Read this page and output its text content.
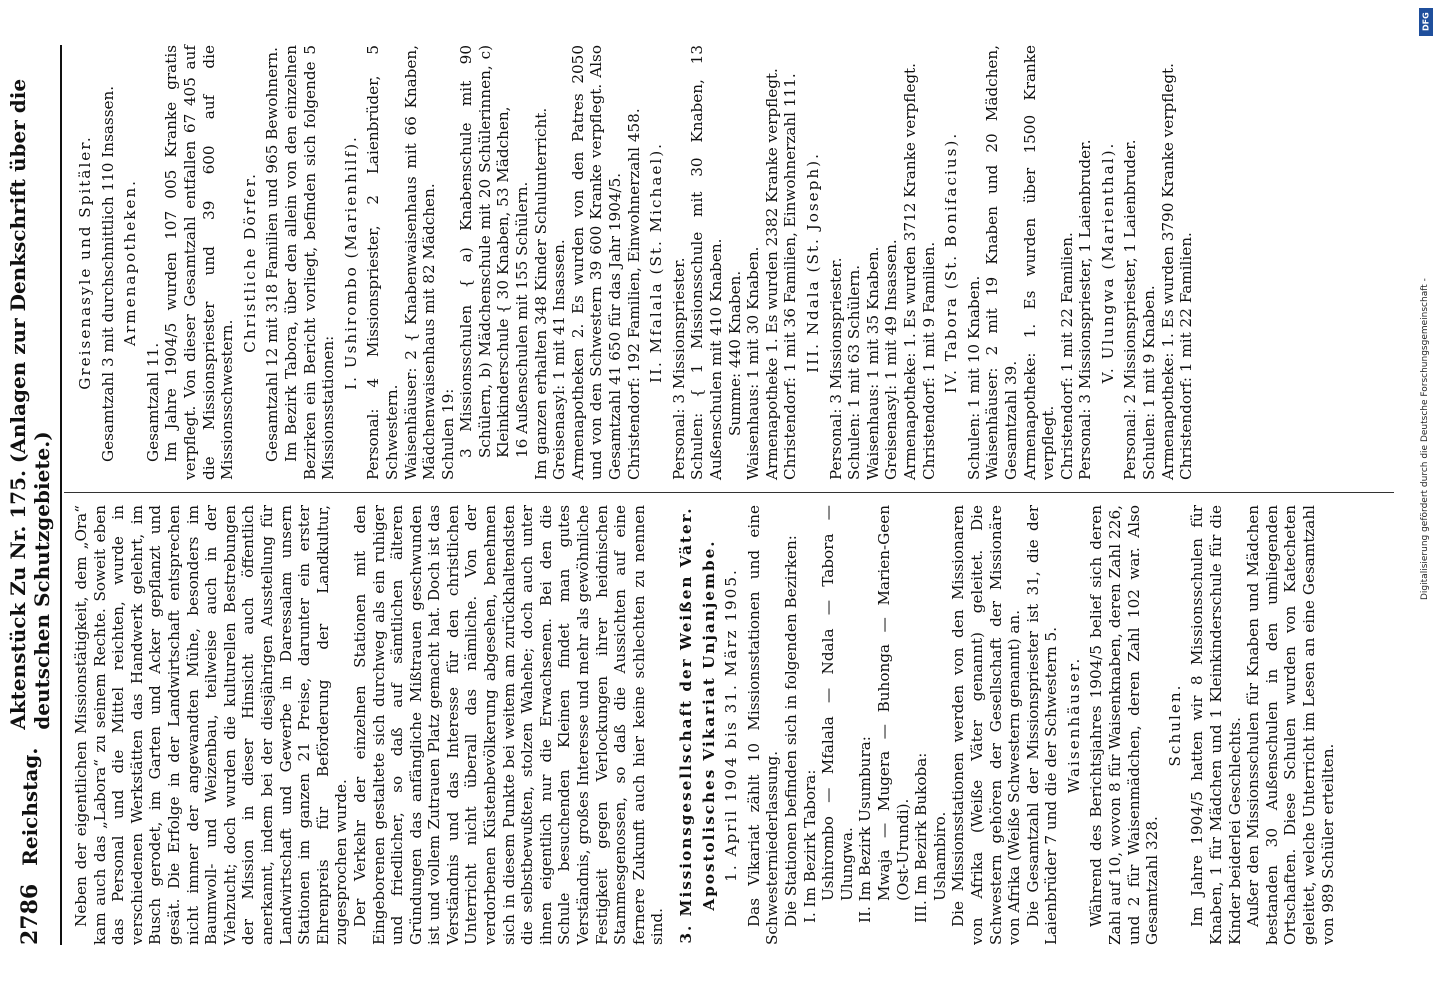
2786
Reichstag.
Aktenstück Zu Nr. 175. (Anlagen zur Denkschrift über die deutschen Schutzgebiete.) Neben der eigentlichen Missionstätigkeit, dem „Ora“ kam auch das „Labora“ zu seinem Rechte. Soweit eben das Personal und die Mittel reichten, wurde in verschiedenen Werkstätten das Handwerk gelehrt, im Busch gerodet, im Garten und Acker gepflanzt und gesät. Die Erfolge in der Landwirtschaft entsprechen nicht immer der angewandten Mühe, besonders im Baumwoll- und Weizenbau, teilweise auch in der Viehzucht; doch wurden die kulturellen Bestrebungen der Mission in dieser Hinsicht auch öffentlich anerkannt, indem bei der diesjährigen Ausstellung für Landwirtschaft und Gewerbe in Daressalam unsern Stationen im ganzen 21 Preise, darunter ein erster Ehrenpreis für Beförderung der Landkultur, zugesprochen wurde. Der Verkehr der einzelnen Stationen mit den Eingeborenen gestaltete sich durchweg als ein ruhiger und friedlicher, so daß auf sämtlichen älteren Gründungen das anfängliche Mißtrauen geschwunden ist und vollem Zutrauen Platz gemacht hat. Doch ist das Verständnis und das Interesse für den christlichen Unterricht nicht überall das nämliche. Von der verdorbenen Küstenbevölkerung abgesehen, benehmen sich in diesem Punkte bei weitem am zurückhaltendsten die selbstbewußten, stolzen Wahehe; doch auch unter ihnen eigentlich nur die Erwachsenen. Bei den die Schule besuchenden Kleinen findet man gutes Verständnis, großes Interesse und mehr als gewöhnliche Festigkeit gegen Verlockungen ihrer heidnischen Stammesgenossen, so daß die Aussichten auf eine fernere Zukunft auch hier keine schlechten zu nennen sind. 3. Missionsgesellschaft der Weißen Väter. Apostolisches Vikariat Unjanjembe. 1. April 1904 bis 31. März 1905. Das Vikariat zählt 10 Missionsstationen und eine Schwesterniederlassung. Die Stationen befinden sich in folgenden Bezirken: I. Im Bezirk Tabora: Ushirombo — Mfalala — Ndala — Tabora — Ulungwa. II. Im Bezirk Usumbura: Mwaja — Mugera — Buhonga — Marien-Geen (Ost-Urundi). III. Im Bezirk Bukoba: Ushambiro. Die Missionsstationen werden von den Missionaren von Afrika (Weiße Väter genannt) geleitet. Die Schwestern gehören der Gesellschaft der Missionäre von Afrika (Weiße Schwestern genannt) an. Die Gesamtzahl der Missionspriester ist 31, die der Laienbrüder 7 und die der Schwestern 5. Waisenhäuser. Während des Berichtsjahres 1904/5 belief sich deren Zahl auf 10, wovon 8 für Waisenknaben, deren Zahl 226, und 2 für Waisenmädchen, deren Zahl 102 war. Also Gesamtzahl 328.

Schulen. Im Jahre 1904/5 hatten wir 8 Missionsschulen für Knaben, 1 für Mädchen und 1 Kleinkinderschule für die Kinder beiderlei Geschlechts. Außer den Missionsschulen für Knaben und Mädchen bestanden 30 Außenschulen in den umliegenden Ortschaften. Diese Schulen wurden von Katecheten geleitet, welche Unterricht im Lesen an eine Gesamtzahl von 989 Schüler erteilten.

Greisenasyle und Spitäler. Gesamtzahl 3 mit durchschnittlich 110 Insassen. Armenapotheken.

Gesamtzahl 11. Im Jahre 1904/5 wurden 107 005 Kranke gratis verpflegt. Von dieser Gesamtzahl entfallen 67 405 auf die Missionspriester und 39 600 auf die Missionsschwestern.

Christliche Dörfer. Gesamtzahl 12 mit 318 Familien und 965 Bewohnern. Im Bezirk Tabora, über den allein von den einzelnen Bezirken ein Bericht vorliegt, befinden sich folgende 5 Missionsstationen:

I. Ushirombo (Marienhilf). Personal: 4 Missionspriester, 2 Laienbrüder, 5 Schwestern. Waisenhäuser: 2 { Knabenwaisenhaus mit 66 Knaben, Mädchenwaisenhaus mit 82 Mädchen. Schulen 19: 3 Missionsschulen { a) Knabenschule mit 90 Schülern, b) Mädchenschule mit 20 Schülerinnen, c) Kleinkinderschule { 30 Knaben, 53 Mädchen, 16 Außenschulen mit 155 Schülern. Im ganzen erhalten 348 Kinder Schulunterricht. Greisenasyl: 1 mit 41 Insassen. Armenapotheken 2. Es wurden von den Patres 2050 und von den Schwestern 39 600 Kranke verpflegt. Also Gesamtzahl 41 650 für das Jahr 1904/5. Christendorf: 192 Familien, Einwohnerzahl 458. II. Mfalala (St. Michael). Personal: 3 Missionspriester. Schulen: { 1 Missionsschule mit 30 Knaben, 13 Außenschulen mit 410 Knaben. Summe: 440 Knaben. Waisenhaus: 1 mit 30 Knaben. Armenapotheke 1. Es wurden 2382 Kranke verpflegt. Christendorf: 1 mit 36 Familien, Einwohnerzahl 111. III. Ndala (St. Joseph). Personal: 3 Missionspriester. Schulen: 1 mit 63 Schülern. Waisenhaus: 1 mit 35 Knaben. Greisenasyl: 1 mit 49 Insassen. Armenapotheke: 1. Es wurden 3712 Kranke verpflegt. Christendorf: 1 mit 9 Familien. IV. Tabora (St. Bonifacius). Schulen: 1 mit 10 Knaben. Waisenhäuser: 2 mit 19 Knaben und 20 Mädchen, Gesamtzahl 39. Armenapotheke: 1. Es wurden über 1500 Kranke verpflegt. Christendorf: 1 mit 22 Familien. Personal: 3 Missionspriester, 1 Laienbruder. V. Ulungwa (Marienthal). Personal: 2 Missionspriester, 1 Laienbruder. Schulen: 1 mit 9 Knaben. Armenapotheke: 1. Es wurden 3790 Kranke verpflegt. Christendorf: 1 mit 22 Familien.

DFG
Digitalisierung gefördert durch die Deutsche Forschungsgemeinschaft -
